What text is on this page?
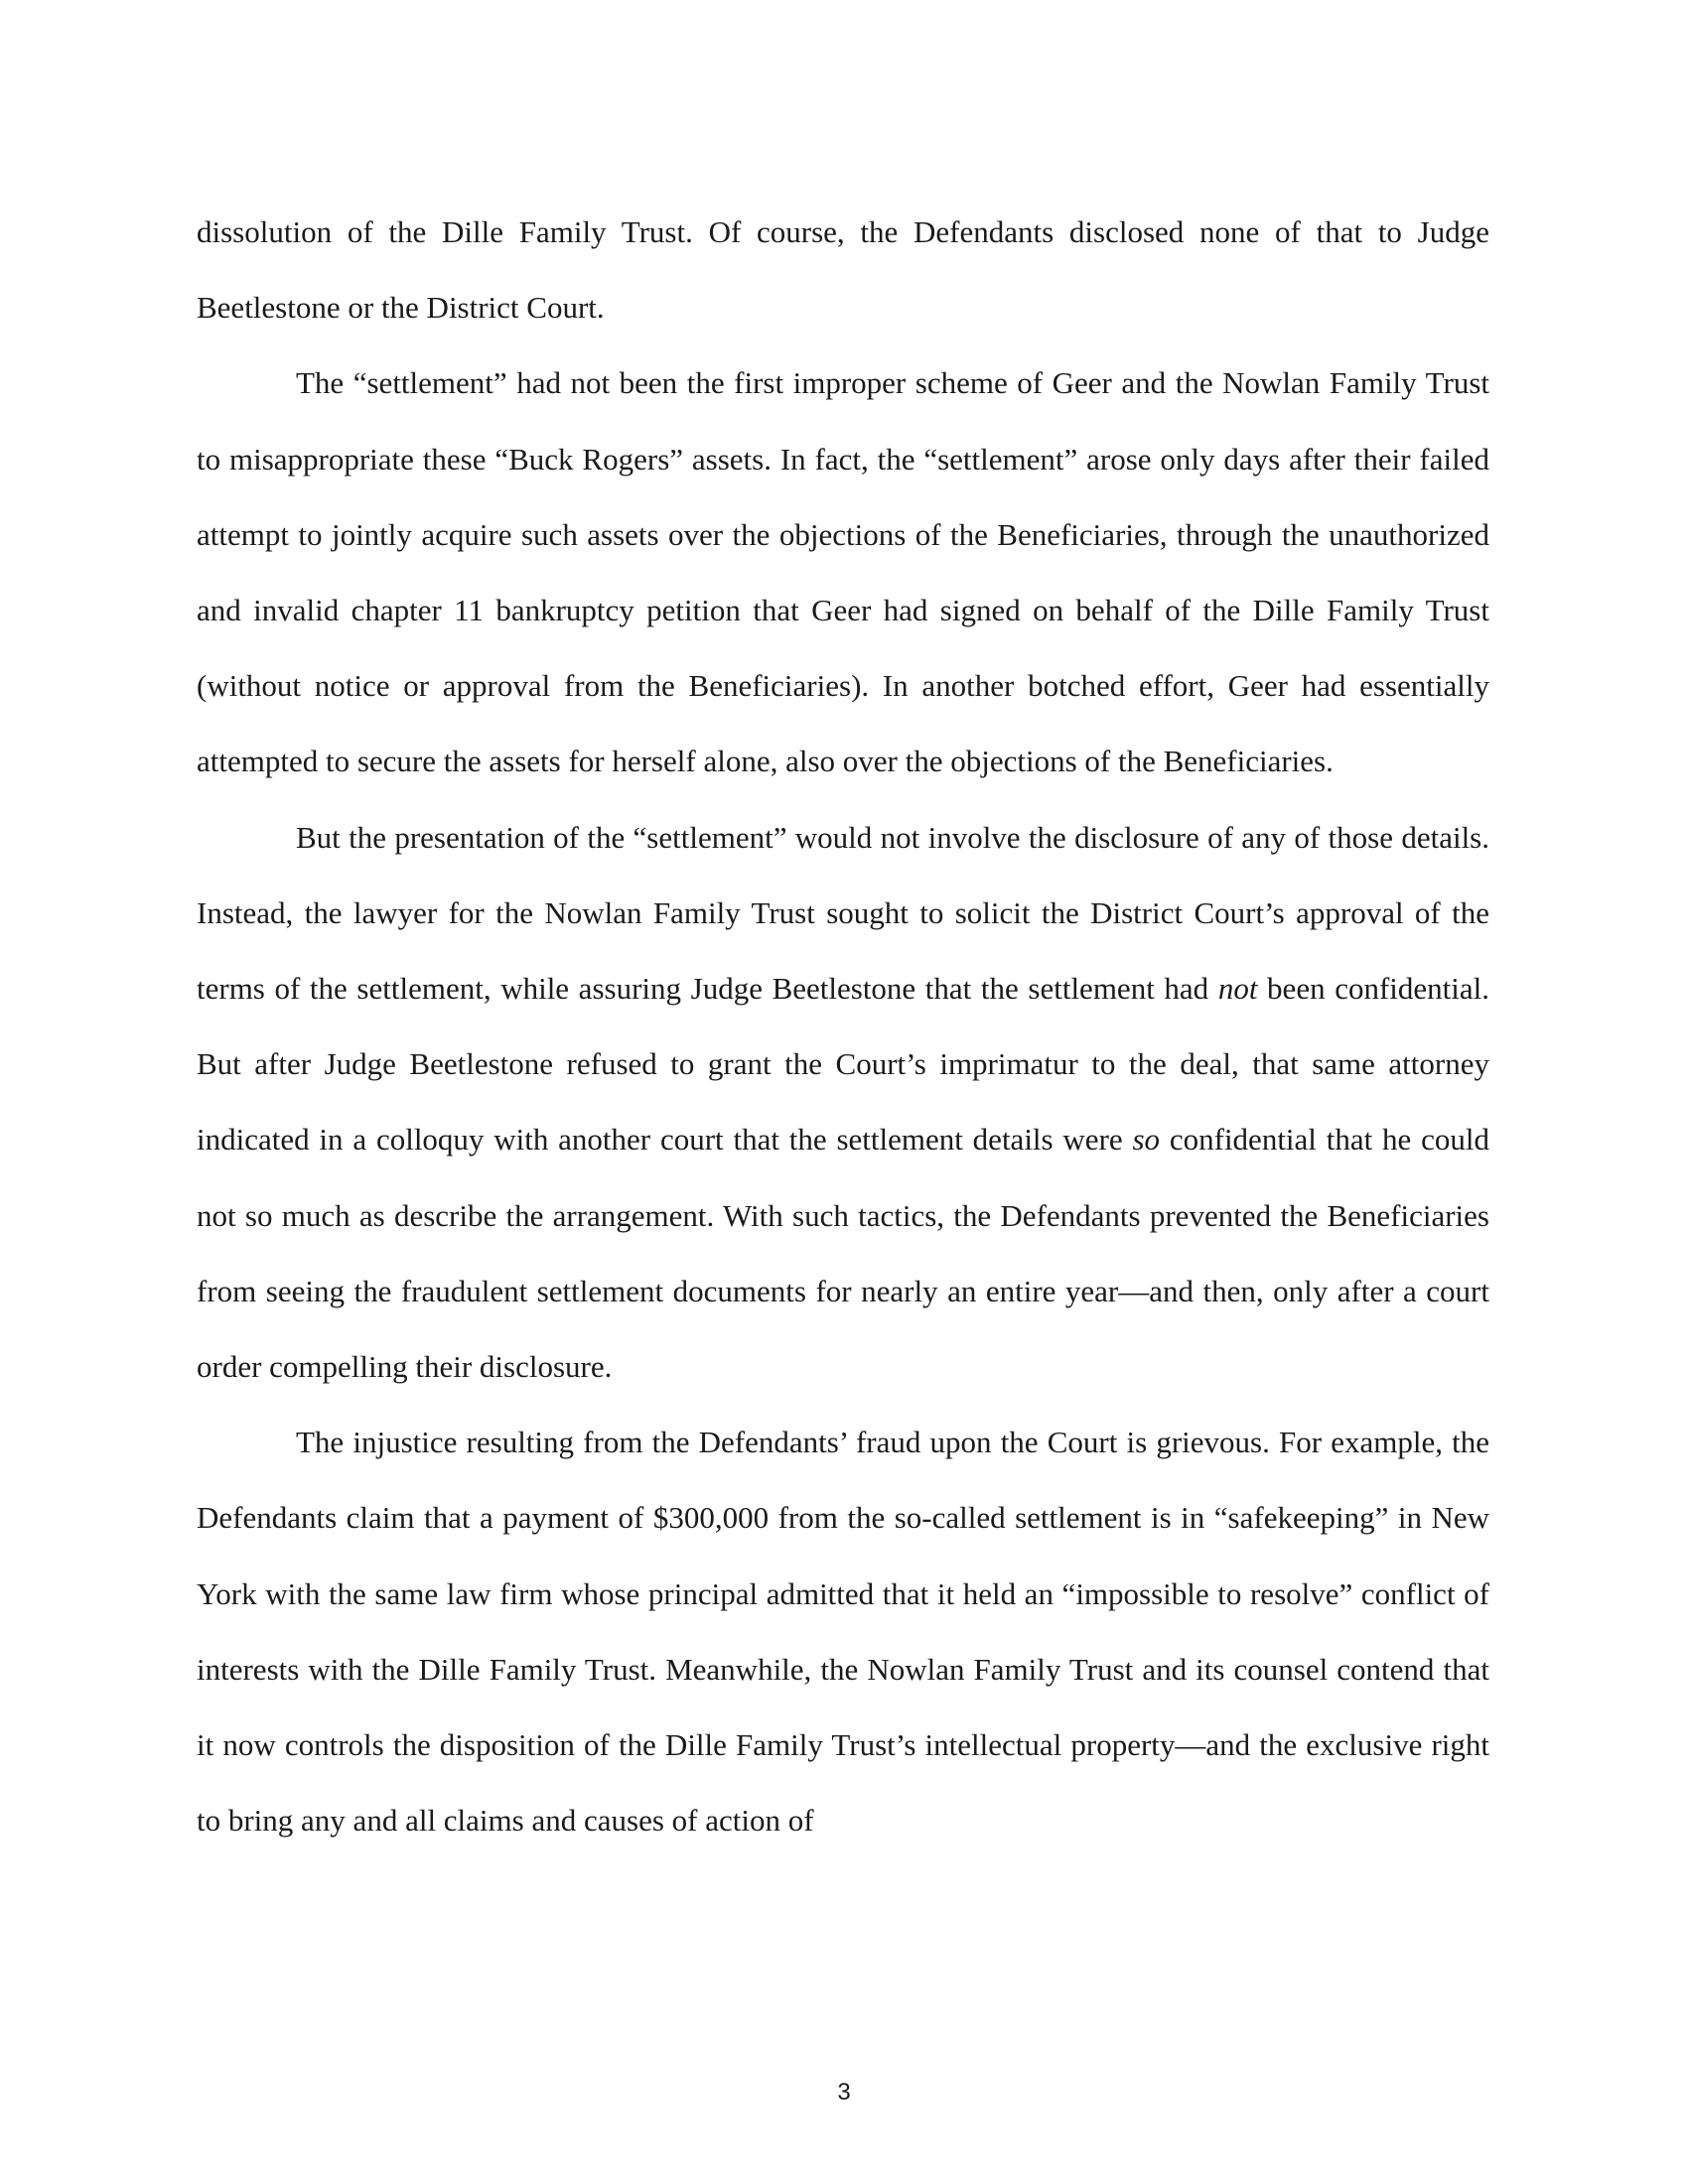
dissolution of the Dille Family Trust. Of course, the Defendants disclosed none of that to Judge Beetlestone or the District Court.

The “settlement” had not been the first improper scheme of Geer and the Nowlan Family Trust to misappropriate these “Buck Rogers” assets. In fact, the “settlement” arose only days after their failed attempt to jointly acquire such assets over the objections of the Beneficiaries, through the unauthorized and invalid chapter 11 bankruptcy petition that Geer had signed on behalf of the Dille Family Trust (without notice or approval from the Beneficiaries). In another botched effort, Geer had essentially attempted to secure the assets for herself alone, also over the objections of the Beneficiaries.

But the presentation of the “settlement” would not involve the disclosure of any of those details. Instead, the lawyer for the Nowlan Family Trust sought to solicit the District Court’s approval of the terms of the settlement, while assuring Judge Beetlestone that the settlement had not been confidential. But after Judge Beetlestone refused to grant the Court’s imprimatur to the deal, that same attorney indicated in a colloquy with another court that the settlement details were so confidential that he could not so much as describe the arrangement. With such tactics, the Defendants prevented the Beneficiaries from seeing the fraudulent settlement documents for nearly an entire year—and then, only after a court order compelling their disclosure.

The injustice resulting from the Defendants’ fraud upon the Court is grievous. For example, the Defendants claim that a payment of $300,000 from the so-called settlement is in “safekeeping” in New York with the same law firm whose principal admitted that it held an “impossible to resolve” conflict of interests with the Dille Family Trust. Meanwhile, the Nowlan Family Trust and its counsel contend that it now controls the disposition of the Dille Family Trust’s intellectual property—and the exclusive right to bring any and all claims and causes of action of

3
